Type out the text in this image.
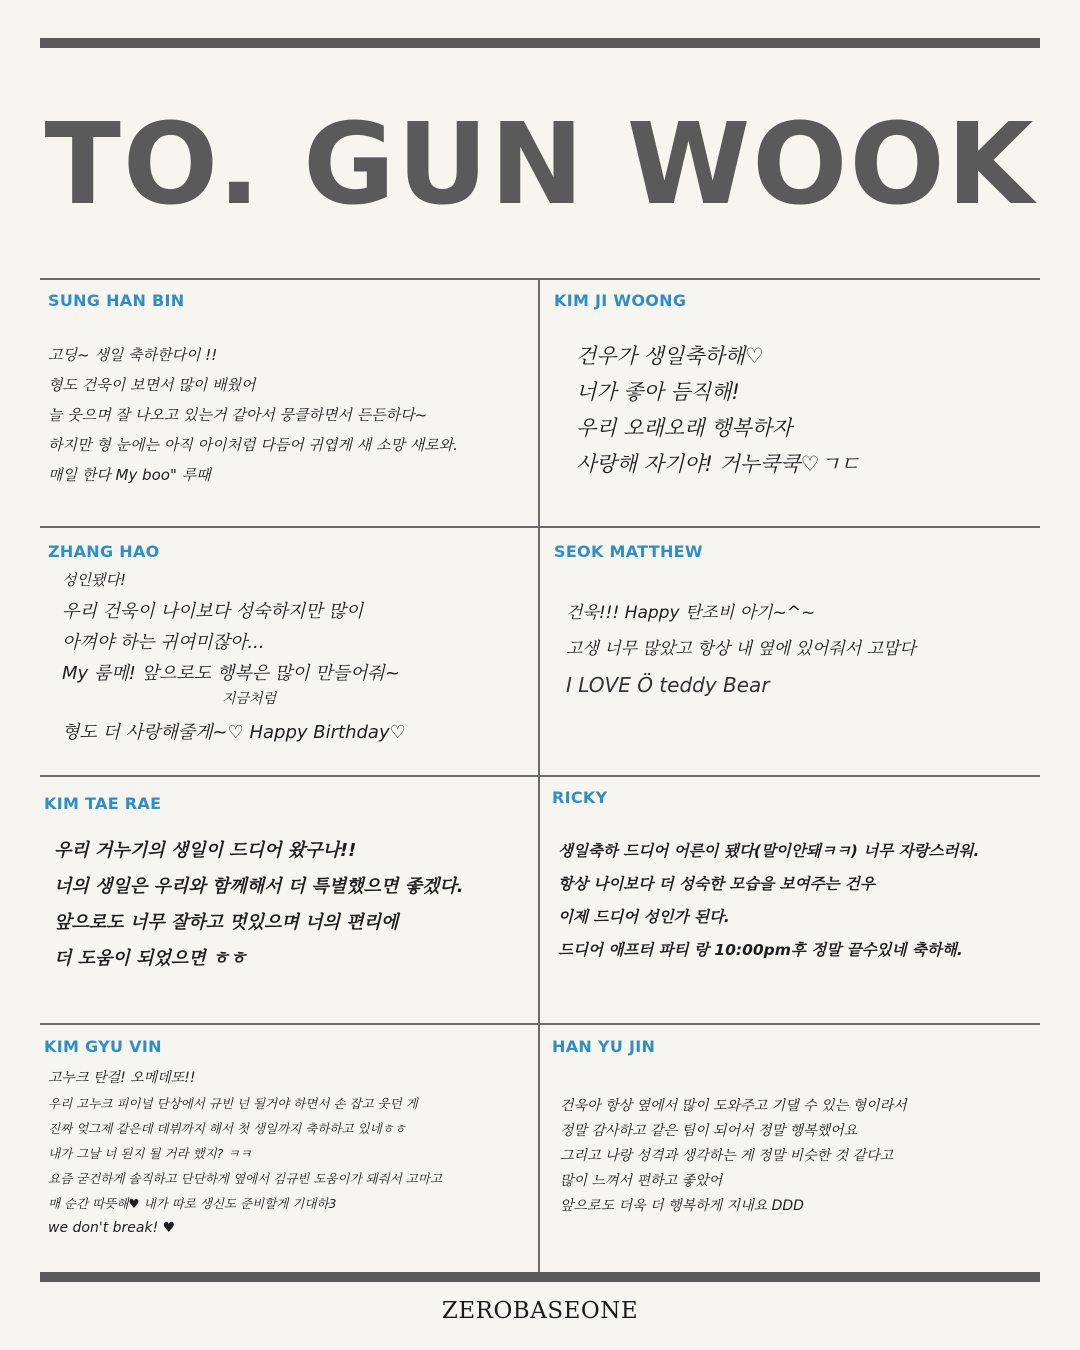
TO. GUN WOOK
SUNG HAN BIN
고딩~ 생일 축하한다이 !!
형도 건욱이 보면서 많이 배웠어
늘 웃으며 잘 나오고 있는거 같아서 뭉클하면서 든든하다~
하지만 형 눈에는 아직 아이처럼 다듬어 귀엽게 새 소망 새로와.
매일 한다 My boo" 루때
KIM JI WOONG
건우가 생일축하해♡
너가 좋아 듬직해!
우리 오래오래 행복하자
사랑해 자기야! 거누쿡쿡♡ㄱㄷ
ZHANG HAO
성인됐다!
우리 건욱이 나이보다 성숙하지만 많이
아껴야 하는 귀여미잖아...
My 룸메! 앞으로도 행복은 많이 만들어줘~
지금처럼
형도 더 사랑해줄게~♡ Happy Birthday♡
SEOK MATTHEW
건욱!!! Happy 탄조비 아기~^~
고생 너무 많았고 항상 내 옆에 있어줘서 고맙다
I LOVE Ö teddy Bear
KIM TAE RAE
우리 거누기의 생일이 드디어 왔구나!!
너의 생일은 우리와 함께해서 더 특별했으면 좋겠다.
앞으로도 너무 잘하고 멋있으며 너의 편리에
더 도움이 되었으면 ㅎㅎ
RICKY
생일축하 드디어 어른이 됐다(말이안돼ㅋㅋ) 너무 자랑스러워.
항상 나이보다 더 성숙한 모습을 보여주는 건우
이제 드디어 성인가 된다.
드디어 애프터 파티 랑 10:00pm후 정말 끝수있네 축하해.
KIM GYU VIN
고누크 탄걸! 오메데또!!
우리 고누크 피이널 단상에서 규빈 넌 될거야 하면서 손 잡고 웃던 게
진짜 엊그제 같은데 데뷔까지 해서 첫 생일까지 축하하고 있네ㅎㅎ
내가 그날 너 된지 될 거라 했지? ㅋㅋ
요즘 굳건하게 솔직하고 단단하게 옆에서 김규빈 도움이가 돼줘서 고마고
매 순간 따뜻해♥ 내가 따로 생신도 준비할게 기대하3
we don't break! ♥
HAN YU JIN
건욱아 항상 옆에서 많이 도와주고 기댈 수 있는 형이라서
정말 감사하고 같은 팀이 되어서 정말 행복했어요
그리고 나랑 성격과 생각하는 게 정말 비슷한 것 같다고
많이 느껴서 편하고 좋았어
앞으로도 더욱 더 행복하게 지내요 DDD
ZEROBASEONE
